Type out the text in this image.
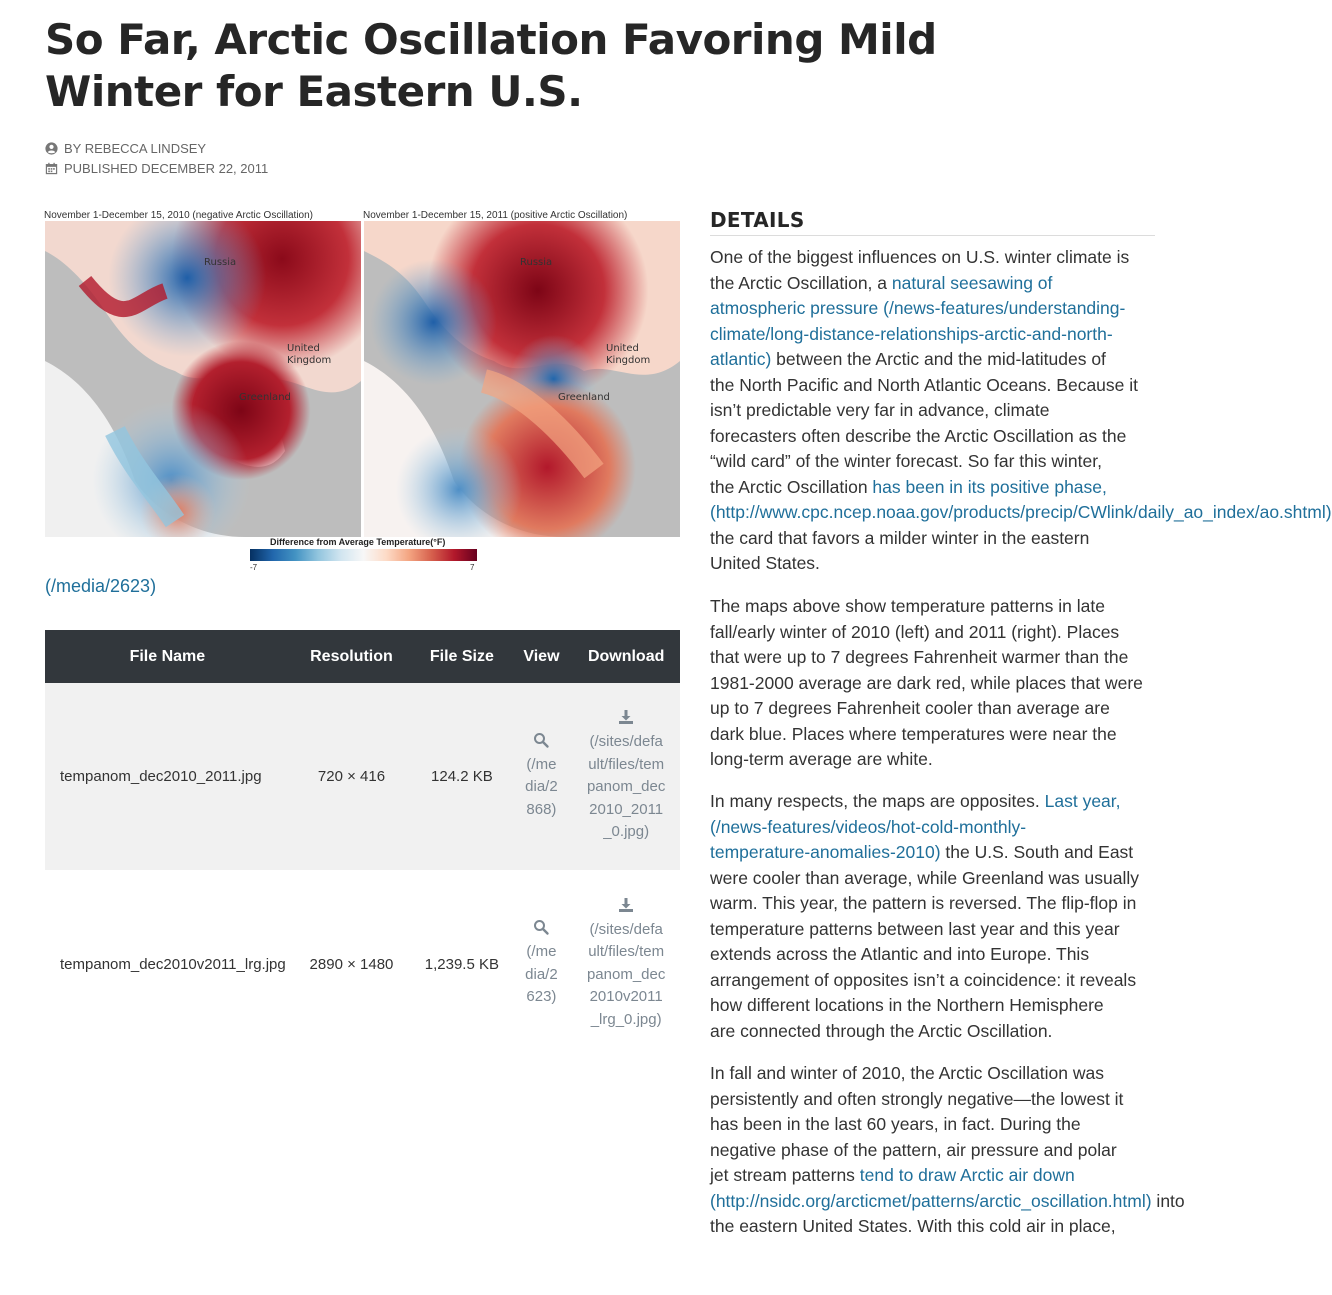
So Far, Arctic Oscillation Favoring Mild Winter for Eastern U.S.
BY REBECCA LINDSEY
PUBLISHED DECEMBER 22, 2011
November 1-December 15, 2010 (negative Arctic Oscillation)	November 1-December 15, 2011 (positive Arctic Oscillation)
Russia
United
Kingdom
Greenland
Russia
United
Kingdom
Greenland
Difference from Average Temperature(°F)
-7	7
(/media/2623)
File Name	Resolution	File Size	View	Download
tempanom_dec2010_2011.jpg	720 × 416	124.2 KB	(/media/2868)	(/sites/default/files/tempanom_dec2010_2011_0.jpg)

tempanom_dec2010v2011_lrg.jpg	2890 × 1480	1,239.5 KB	(/media/2623)	(/sites/default/files/tempanom_dec2010v2011_lrg_0.jpg)
DETAILS

One of the biggest influences on U.S. winter climate is
the Arctic Oscillation, a natural seesawing of
atmospheric pressure (/news-features/understanding-
climate/long-distance-relationships-arctic-and-north-
atlantic) between the Arctic and the mid-latitudes of
the North Pacific and North Atlantic Oceans. Because it
isn’t predictable very far in advance, climate
forecasters often describe the Arctic Oscillation as the
“wild card” of the winter forecast. So far this winter,
the Arctic Oscillation has been in its positive phase,
(http://www.cpc.ncep.noaa.gov/products/precip/CWlink/daily_ao_index/ao.shtml)
the card that favors a milder winter in the eastern
United States.

The maps above show temperature patterns in late
fall/early winter of 2010 (left) and 2011 (right). Places
that were up to 7 degrees Fahrenheit warmer than the
1981-2000 average are dark red, while places that were
up to 7 degrees Fahrenheit cooler than average are
dark blue. Places where temperatures were near the
long-term average are white.

In many respects, the maps are opposites. Last year,
(/news-features/videos/hot-cold-monthly-
temperature-anomalies-2010) the U.S. South and East
were cooler than average, while Greenland was usually
warm. This year, the pattern is reversed. The flip-flop in
temperature patterns between last year and this year
extends across the Atlantic and into Europe. This
arrangement of opposites isn’t a coincidence: it reveals
how different locations in the Northern Hemisphere
are connected through the Arctic Oscillation.

In fall and winter of 2010, the Arctic Oscillation was
persistently and often strongly negative—the lowest it
has been in the last 60 years, in fact. During the
negative phase of the pattern, air pressure and polar
jet stream patterns tend to draw Arctic air down
(http://nsidc.org/arcticmet/patterns/arctic_oscillation.html) into
the eastern United States. With this cold air in place,
